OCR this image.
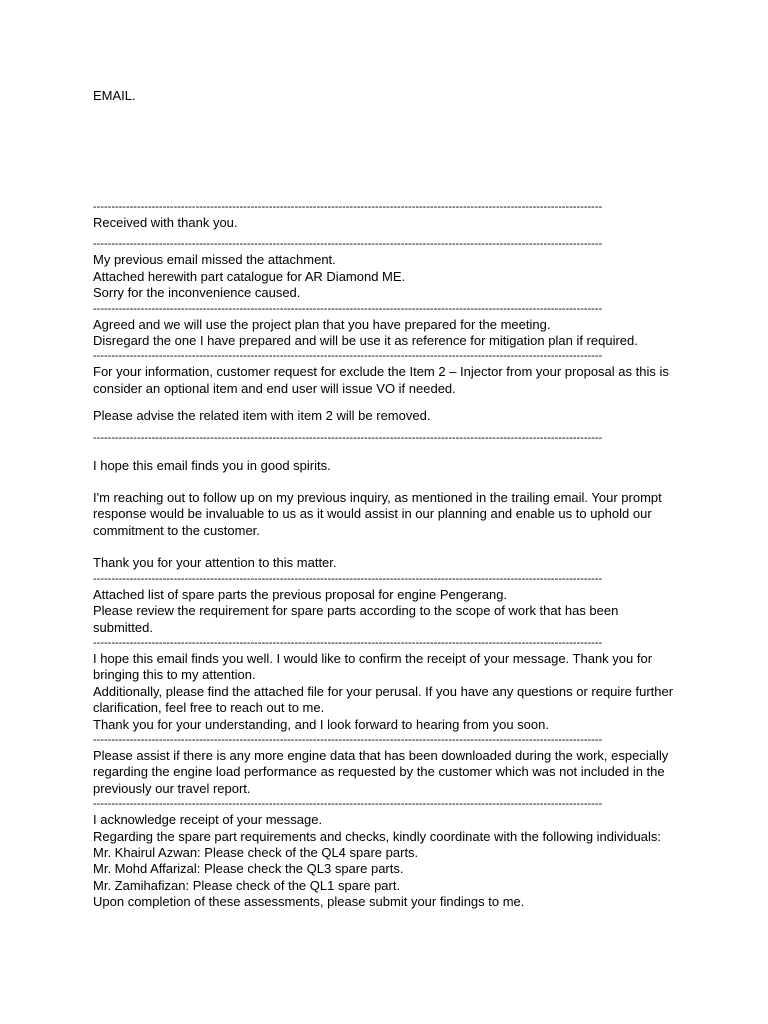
EMAIL.
-------------------------------------------------------------------------------------------------------------------------------------------

Received with thank you.

-------------------------------------------------------------------------------------------------------------------------------------------

My previous email missed the attachment.

Attached herewith part catalogue for AR Diamond ME.

Sorry for the inconvenience caused.

-------------------------------------------------------------------------------------------------------------------------------------------

Agreed and we will use the project plan that you have prepared for the meeting.

Disregard the one I have prepared and will be use it as reference for mitigation plan if required.

-------------------------------------------------------------------------------------------------------------------------------------------

For your information, customer request for exclude the Item 2 – Injector from your proposal as this is consider an optional item and end user will issue VO if needed.

Please advise the related item with item 2 will be removed.

-------------------------------------------------------------------------------------------------------------------------------------------

I hope this email finds you in good spirits.

I'm reaching out to follow up on my previous inquiry, as mentioned in the trailing email. Your prompt response would be invaluable to us as it would assist in our planning and enable us to uphold our commitment to the customer.

Thank you for your attention to this matter.

-------------------------------------------------------------------------------------------------------------------------------------------

Attached list of spare parts the previous proposal for engine Pengerang.

Please review the requirement for spare parts according to the scope of work that has been submitted.

-------------------------------------------------------------------------------------------------------------------------------------------

I hope this email finds you well. I would like to confirm the receipt of your message. Thank you for bringing this to my attention.

Additionally, please find the attached file for your perusal. If you have any questions or require further clarification, feel free to reach out to me.

Thank you for your understanding, and I look forward to hearing from you soon.

-------------------------------------------------------------------------------------------------------------------------------------------

Please assist if there is any more engine data that has been downloaded during the work, especially regarding the engine load performance as requested by the customer which was not included in the previously our travel report.

-------------------------------------------------------------------------------------------------------------------------------------------

I acknowledge receipt of your message.

Regarding the spare part requirements and checks, kindly coordinate with the following individuals:

Mr. Khairul Azwan: Please check of the QL4 spare parts.

Mr. Mohd Affarizal: Please check the QL3 spare parts.

Mr. Zamihafizan: Please check of the QL1 spare part.

Upon completion of these assessments, please submit your findings to me.
